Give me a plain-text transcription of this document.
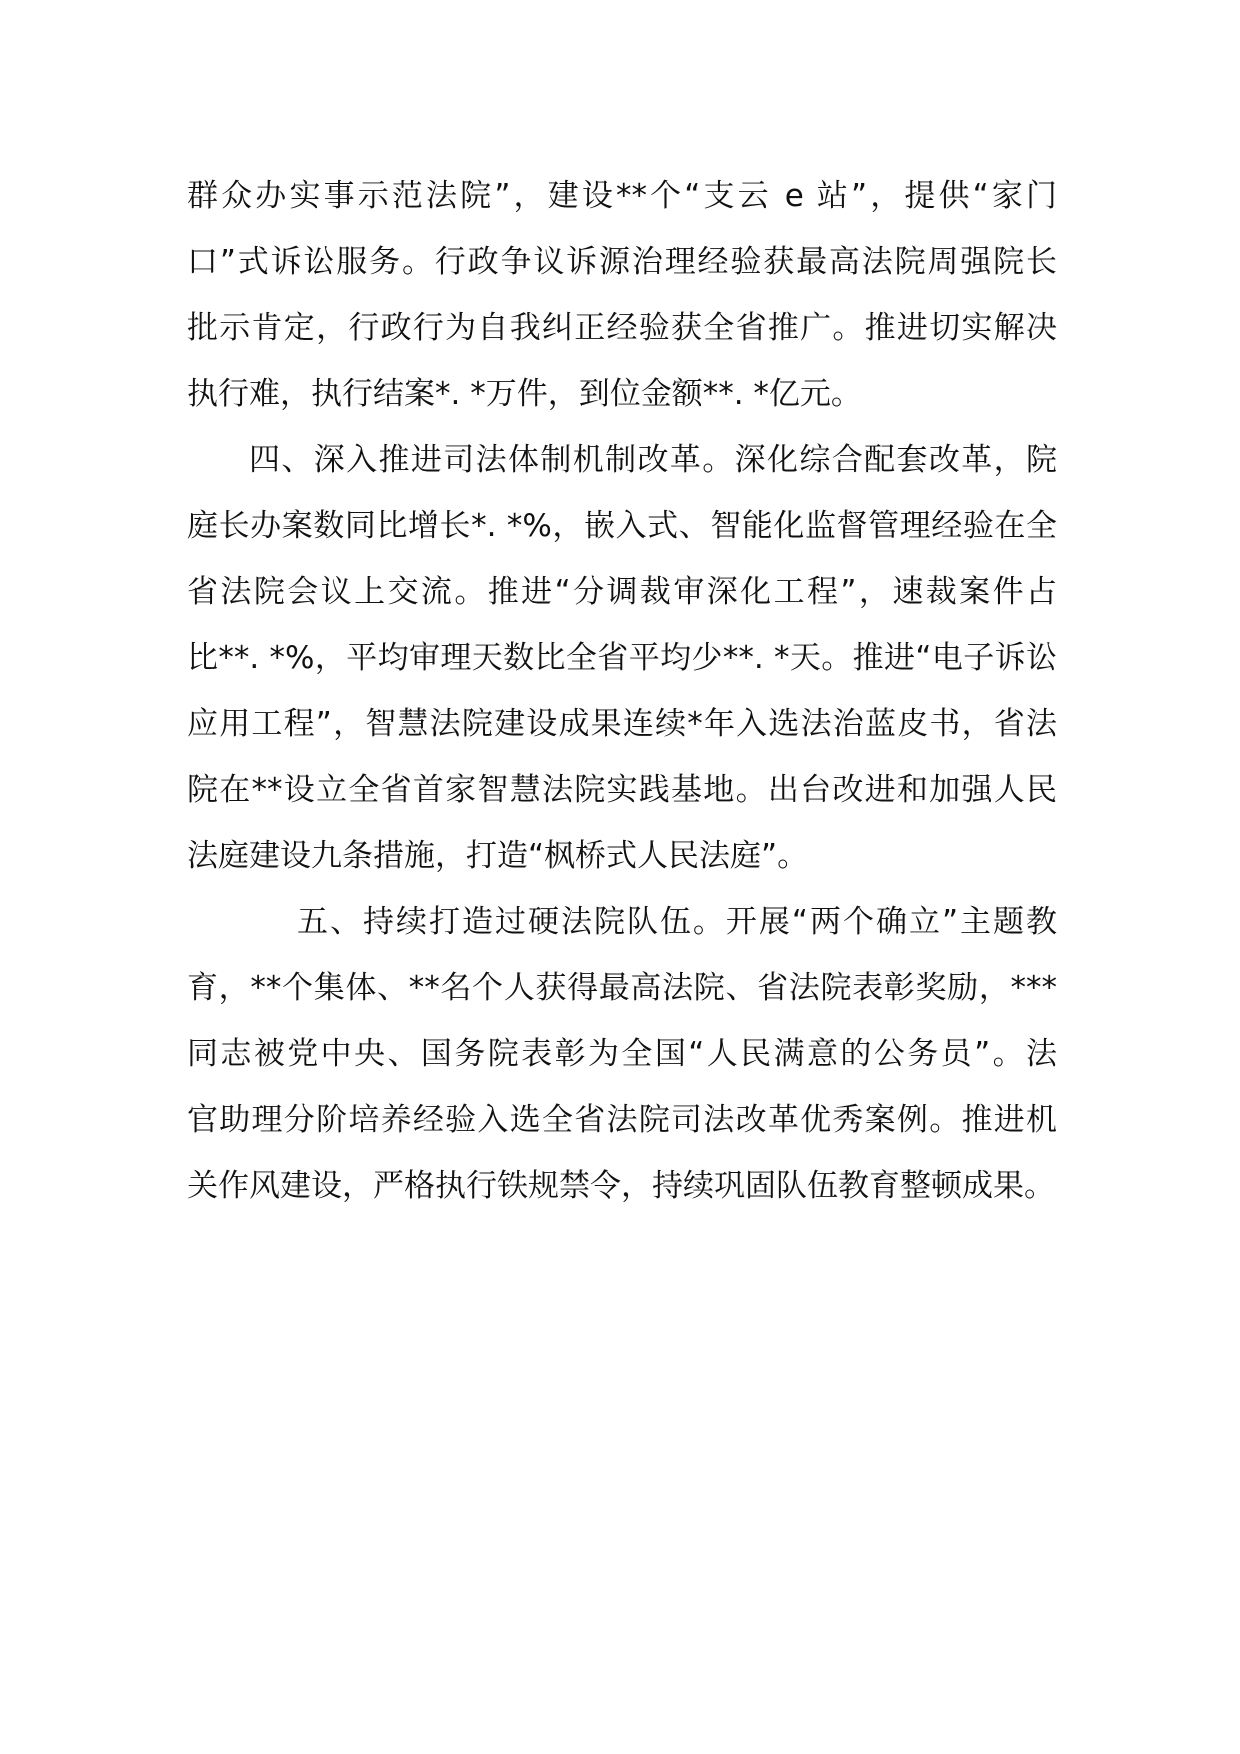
群众办实事示范法院”，建设**个“支云 e 站”，提供“家门
口”式诉讼服务。行政争议诉源治理经验获最高法院周强院长
批示肯定，行政行为自我纠正经验获全省推广。推进切实解决
执行难，执行结案*. *万件，到位金额**. *亿元。
四、深入推进司法体制机制改革。深化综合配套改革，院
庭长办案数同比增长*. *%，嵌入式、智能化监督管理经验在全
省法院会议上交流。推进“分调裁审深化工程”，速裁案件占
比**. *%，平均审理天数比全省平均少**. *天。推进“电子诉讼
应用工程”，智慧法院建设成果连续*年入选法治蓝皮书，省法
院在**设立全省首家智慧法院实践基地。出台改进和加强人民
法庭建设九条措施，打造“枫桥式人民法庭”。
五、持续打造过硬法院队伍。开展“两个确立”主题教
育，**个集体、**名个人获得最高法院、省法院表彰奖励，***
同志被党中央、国务院表彰为全国“人民满意的公务员”。法
官助理分阶培养经验入选全省法院司法改革优秀案例。推进机
关作风建设，严格执行铁规禁令，持续巩固队伍教育整顿成果。
